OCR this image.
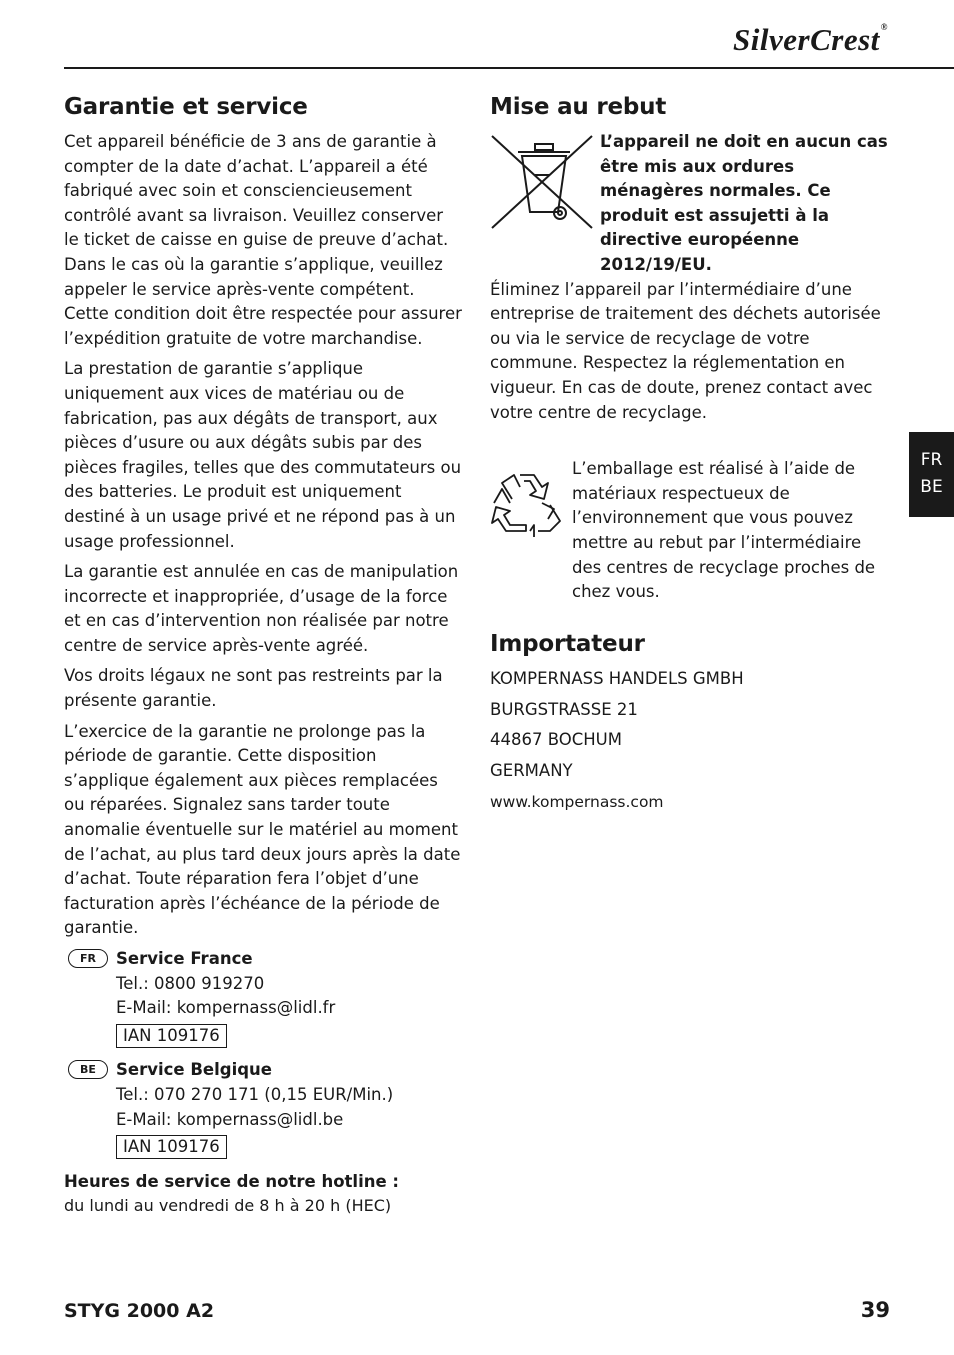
SilverCrest®
Garantie et service

Cet appareil bénéficie de 3 ans de garantie à compter de la date d’achat. L’appareil a été fabriqué avec soin et consciencieusement contrôlé avant sa livraison. Veuillez conserver le ticket de caisse en guise de preuve d’achat. Dans le cas où la garantie s’applique, veuillez appeler le service après-vente compétent. Cette condition doit être respectée pour assurer l’expédition gratuite de votre marchandise.

La prestation de garantie s’applique uniquement aux vices de matériau ou de fabrication, pas aux dégâts de transport, aux pièces d’usure ou aux dégâts subis par des pièces fragiles, telles que des commutateurs ou des batteries. Le produit est uniquement destiné à un usage privé et ne répond pas à un usage professionnel.

La garantie est annulée en cas de manipulation incorrecte et inappropriée, d’usage de la force et en cas d’intervention non réalisée par notre centre de service après-vente agréé.

Vos droits légaux ne sont pas restreints par la présente garantie.

L’exercice de la garantie ne prolonge pas la période de garantie. Cette disposition s’applique également aux pièces remplacées ou réparées. Signalez sans tarder toute anomalie éventuelle sur le matériel au moment de l’achat, au plus tard deux jours après la date d’achat. Toute réparation fera l’objet d’une facturation après l’échéance de la période de garantie.

FR	Service France
Tel.: 0800 919270
E-Mail: kompernass@lidl.fr
IAN 109176
BE	Service Belgique
Tel.: 070 270 171 (0,15 EUR/Min.)
E-Mail: kompernass@lidl.be
IAN 109176
Heures de service de notre hotline :
du lundi au vendredi de 8 h à 20 h (HEC)
Mise au rebut
L’appareil ne doit en aucun cas être mis aux ordures ménagères normales. Ce produit est assujetti à la directive européenne 2012/19/EU.

Éliminez l’appareil par l’intermédiaire d’une entreprise de traitement des déchets autorisée ou via le service de recyclage de votre commune. Respectez la réglementation en vigueur. En cas de doute, prenez contact avec votre centre de recyclage.

L’emballage est réalisé à l’aide de matériaux respectueux de l’environnement que vous pouvez mettre au rebut par l’intermédiaire des centres de recyclage proches de chez vous.
Importateur

KOMPERNASS HANDELS GMBH

BURGSTRASSE 21

44867 BOCHUM

GERMANY

www.kompernass.com

FR
BE
STYG 2000 A2	39
